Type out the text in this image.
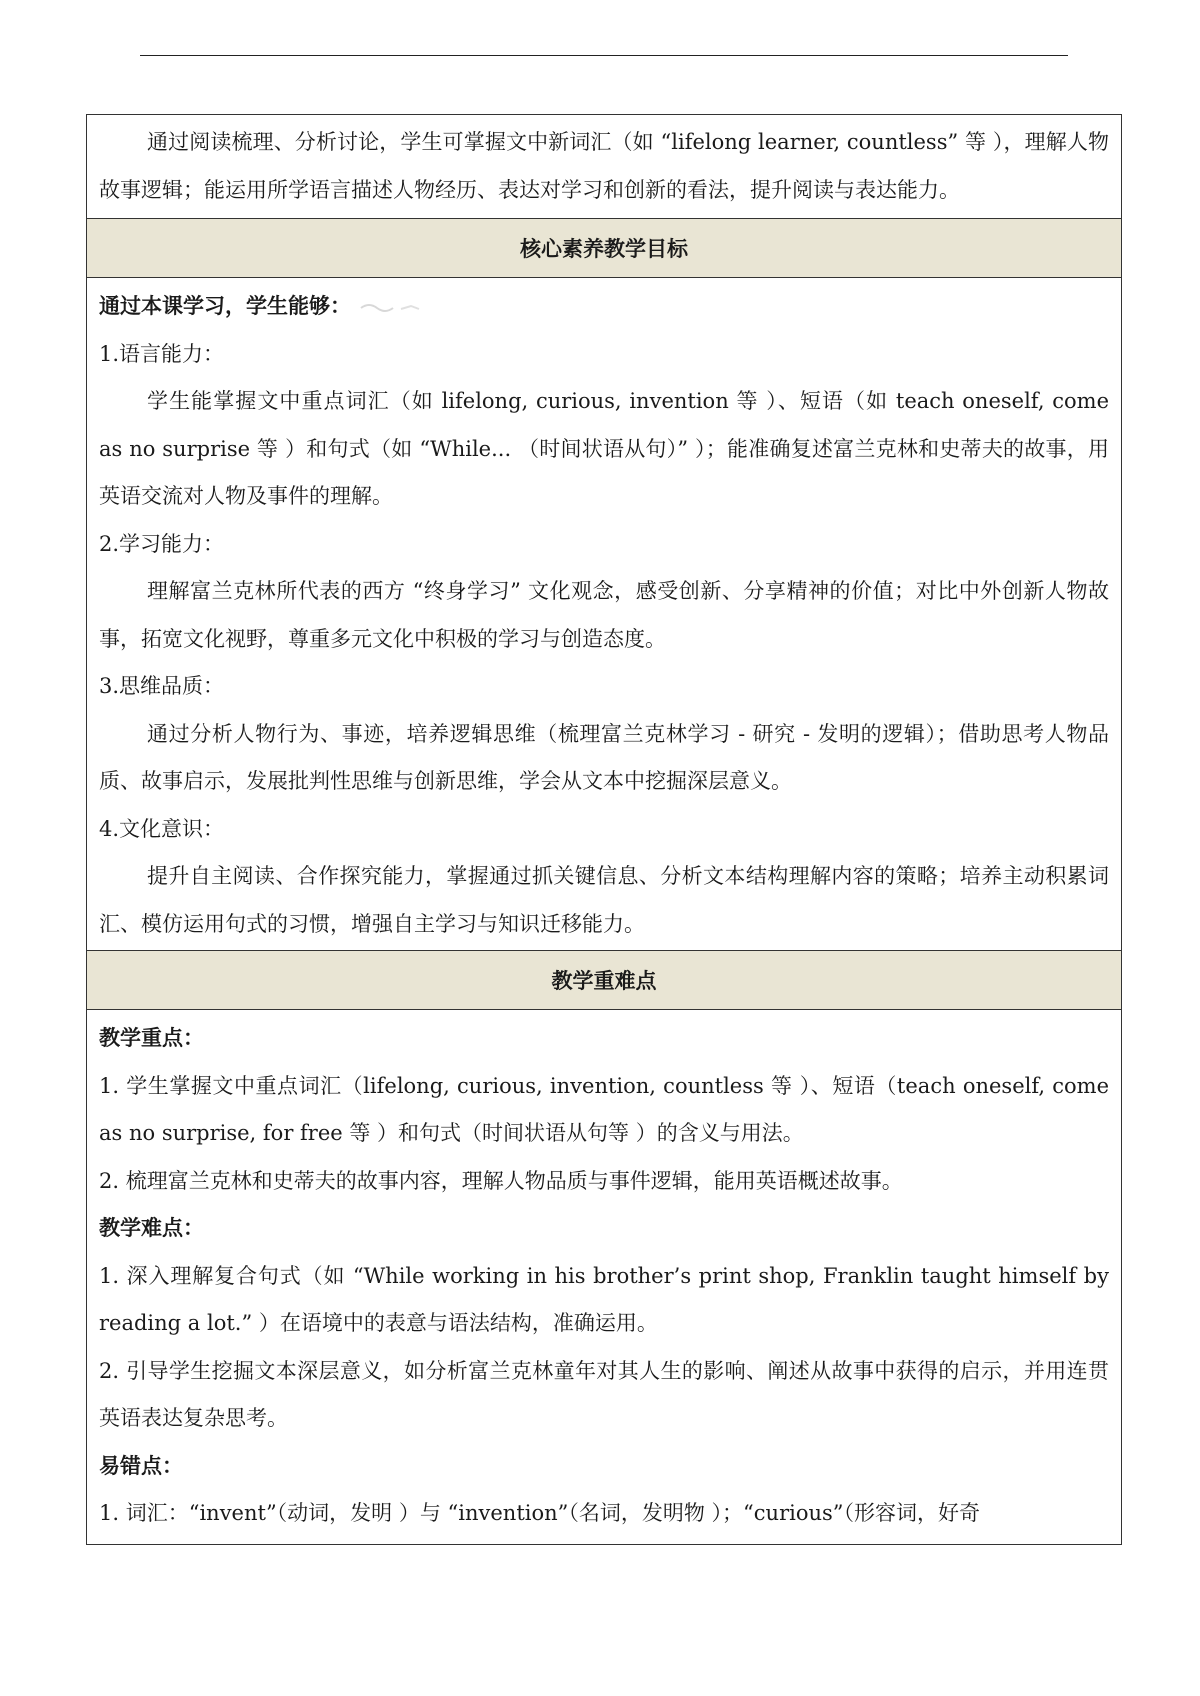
通过阅读梳理、分析讨论，学生可掌握文中新词汇（如 “lifelong learner, countless” 等 ），理解人物故事逻辑；能运用所学语言描述人物经历、表达对学习和创新的看法，提升阅读与表达能力。

核心素养教学目标

通过本课学习，学生能够：

1.语言能力：

学生能掌握文中重点词汇（如 lifelong, curious, invention 等 ）、短语（如 teach oneself, come as no surprise 等 ）和句式（如 “While... （时间状语从句）” ）；能准确复述富兰克林和史蒂夫的故事，用英语交流对人物及事件的理解。

2.学习能力：

理解富兰克林所代表的西方 “终身学习” 文化观念，感受创新、分享精神的价值；对比中外创新人物故事，拓宽文化视野，尊重多元文化中积极的学习与创造态度。

3.思维品质：

通过分析人物行为、事迹，培养逻辑思维（梳理富兰克林学习 - 研究 - 发明的逻辑）；借助思考人物品质、故事启示，发展批判性思维与创新思维，学会从文本中挖掘深层意义。

4.文化意识：

提升自主阅读、合作探究能力，掌握通过抓关键信息、分析文本结构理解内容的策略；培养主动积累词汇、模仿运用句式的习惯，增强自主学习与知识迁移能力。

教学重难点

教学重点：

1. 学生掌握文中重点词汇（lifelong, curious, invention, countless 等 ）、短语（teach oneself, come as no surprise, for free 等 ）和句式（时间状语从句等 ）的含义与用法。

2. 梳理富兰克林和史蒂夫的故事内容，理解人物品质与事件逻辑，能用英语概述故事。

教学难点：

1. 深入理解复合句式（如 “While working in his brother’s print shop, Franklin taught himself by reading a lot.” ）在语境中的表意与语法结构，准确运用。

2. 引导学生挖掘文本深层意义，如分析富兰克林童年对其人生的影响、阐述从故事中获得的启示，并用连贯英语表达复杂思考。

易错点：

1. 词汇：“invent”（动词，发明 ）与 “invention”（名词，发明物 ）；“curious”（形容词，好奇
